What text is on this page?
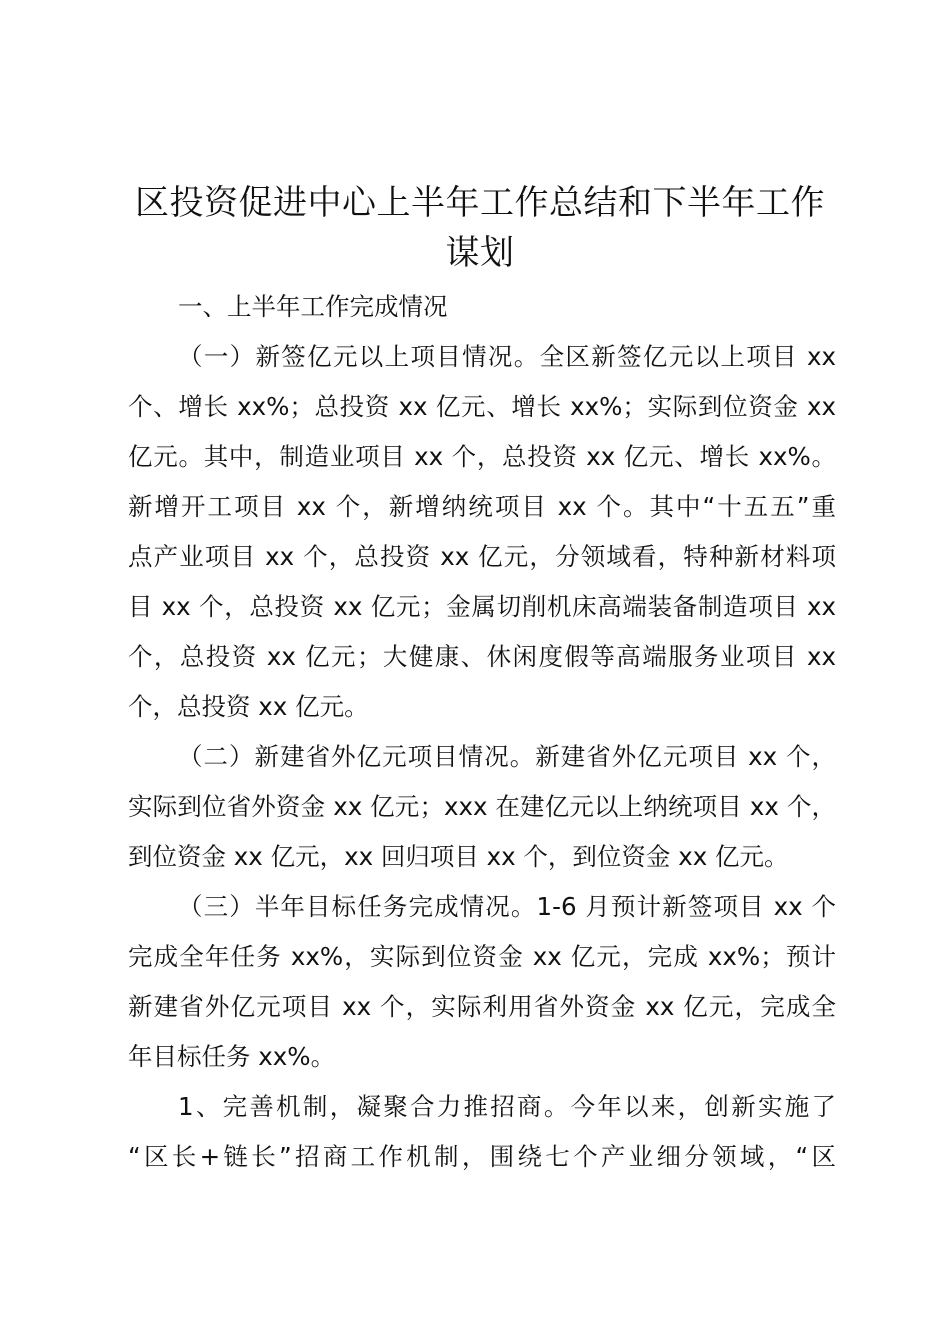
区投资促进中心上半年工作总结和下半年工作
谋划
一、上半年工作完成情况
（一）新签亿元以上项目情况。全区新签亿元以上项目 xx
个、增长 xx%；总投资 xx 亿元、增长 xx%；实际到位资金 xx
亿元。其中，制造业项目 xx 个，总投资 xx 亿元、增长 xx%。
新增开工项目 xx 个，新增纳统项目 xx 个。其中“十五五”重
点产业项目 xx 个，总投资 xx 亿元，分领域看，特种新材料项
目 xx 个，总投资 xx 亿元；金属切削机床高端装备制造项目 xx
个，总投资 xx 亿元；大健康、休闲度假等高端服务业项目 xx
个，总投资 xx 亿元。
（二）新建省外亿元项目情况。新建省外亿元项目 xx 个，
实际到位省外资金 xx 亿元；xxx 在建亿元以上纳统项目 xx 个，
到位资金 xx 亿元，xx 回归项目 xx 个，到位资金 xx 亿元。
（三）半年目标任务完成情况。1-6 月预计新签项目 xx 个
完成全年任务 xx%，实际到位资金 xx 亿元，完成 xx%；预计
新建省外亿元项目 xx 个，实际利用省外资金 xx 亿元，完成全
年目标任务 xx%。
1、完善机制，凝聚合力推招商。今年以来，创新实施了
“区长+链长”招商工作机制，围绕七个产业细分领域，“区
